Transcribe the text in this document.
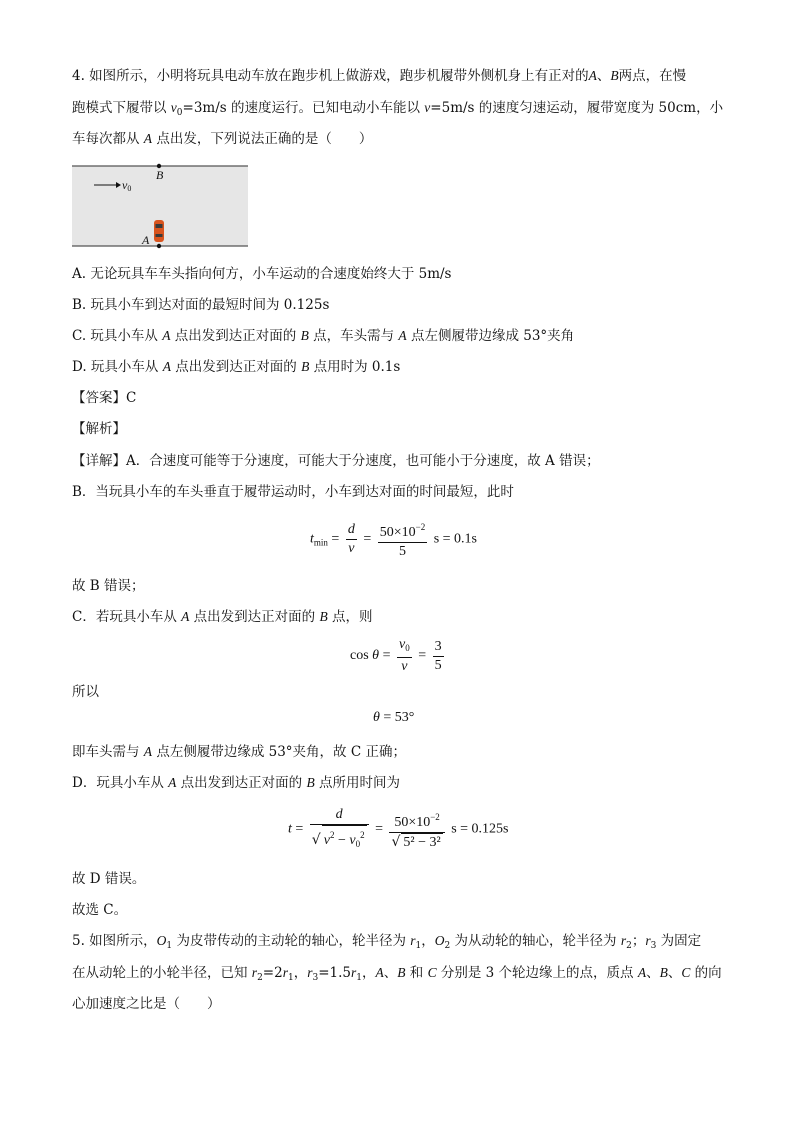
4. 如图所示，小明将玩具电动车放在跑步机上做游戏，跑步机履带外侧机身上有正对的A、B两点，在慢
跑模式下履带以 $v_0=3m/s$ 的速度运行。已知电动小车能以 v=5m/s 的速度匀速运动，履带宽度为 50cm，小
车每次都从 A 点出发，下列说法正确的是（　　）
B
A
v0
A. 无论玩具车车头指向何方，小车运动的合速度始终大于 5m/s
B. 玩具小车到达对面的最短时间为 0.125s
C. 玩具小车从 A 点出发到达正对面的 B 点，车头需与 A 点左侧履带边缘成 53°夹角
D. 玩具小车从 A 点出发到达正对面的 B 点用时为 0.1s
【答案】C
【解析】
【详解】A．合速度可能等于分速度，可能大于分速度，也可能小于分速度，故 A 错误；
B．当玩具小车的车头垂直于履带运动时，小车到达对面的时间最短，此时
$t_{min} = \frac{d}{v} = \frac{50\times 10^{-2}}{5}$ s = 0.1s
故 B 错误；
C．若玩具小车从 A 点出发到达正对面的 B 点，则
$\cos \theta = \frac{v_0}{v} = \frac{3}{5}$
所以
θ = 53°
即车头需与 A 点左侧履带边缘成 53°夹角，故 C 正确；
D．玩具小车从 A 点出发到达正对面的 B 点所用时间为
$t = \frac{d}{√ v^2 - v_0^2} = \frac{50\times 10^{-2}}{\text{√ 5² − 3²}}$ s = 0.125s
故 D 错误。
故选 C。
5. 如图所示，$O_1$ 为皮带传动的主动轮的轴心，轮半径为 $r_1$，$O_2$ 为从动轮的轴心，轮半径为 $r_2$；$r_3$ 为固定
在从动轮上的小轮半径，已知 $r_2=2r_1$，$r_3=1.5r_1$，A、B 和 C 分别是 3 个轮边缘上的点，质点 A、B、C 的向
心加速度之比是（　　）
